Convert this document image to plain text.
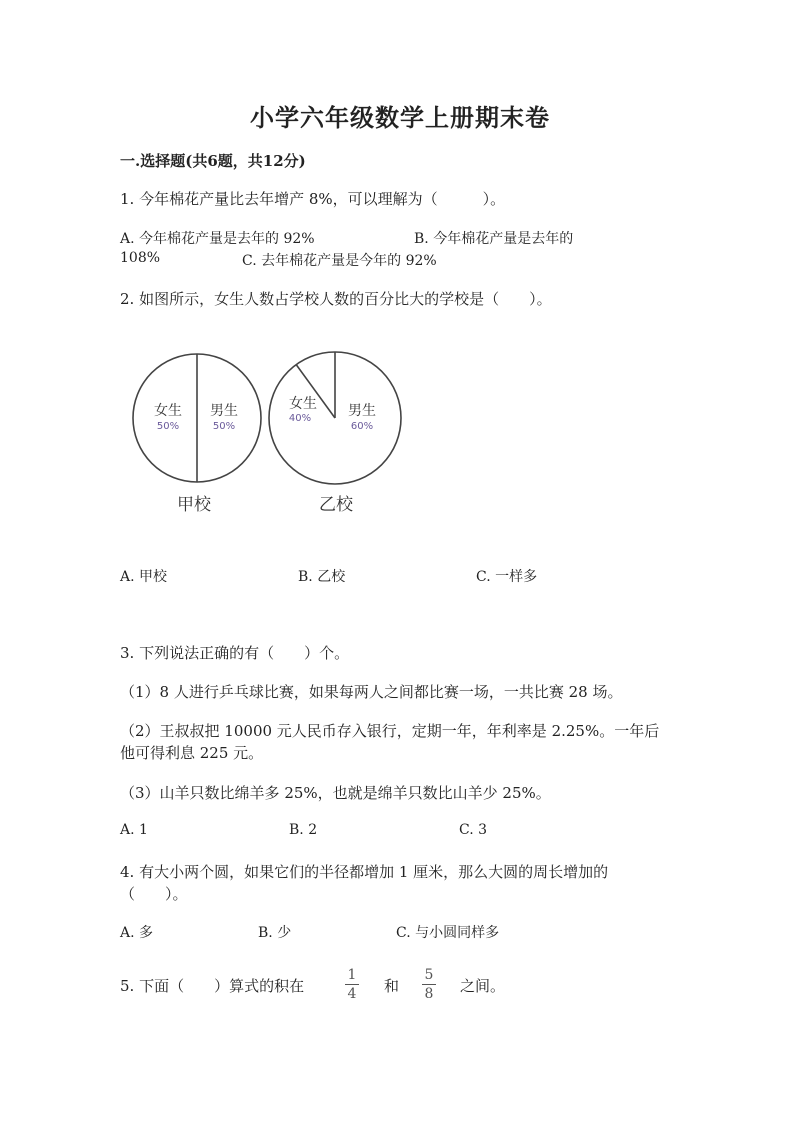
小学六年级数学上册期末卷
一.选择题(共6题，共12分)
1. 今年棉花产量比去年增产 8%，可以理解为（　　　）。
A. 今年棉花产量是去年的 92%	B. 今年棉花产量是去年的
108%	C. 去年棉花产量是今年的 92%
2. 如图所示，女生人数占学校人数的百分比大的学校是（　　）。
女生
50%
男生
50%
甲校
女生
40%	男生
60%
乙校
A. 甲校	B. 乙校	C. 一样多
3. 下列说法正确的有（　　）个。
（1）8 人进行乒乓球比赛，如果每两人之间都比赛一场，一共比赛 28 场。
（2）王叔叔把 10000 元人民币存入银行，定期一年，年利率是 2.25%。一年后
他可得利息 225 元。
（3）山羊只数比绵羊多 25%，也就是绵羊只数比山羊少 25%。
A. 1	B. 2	C. 3
4. 有大小两个圆，如果它们的半径都增加 1 厘米，那么大圆的周长增加的
（　　）。
A. 多	B. 少	C. 与小圆同样多
5. 下面（　　）算式的积在
1
4 和
5
8 之间。
